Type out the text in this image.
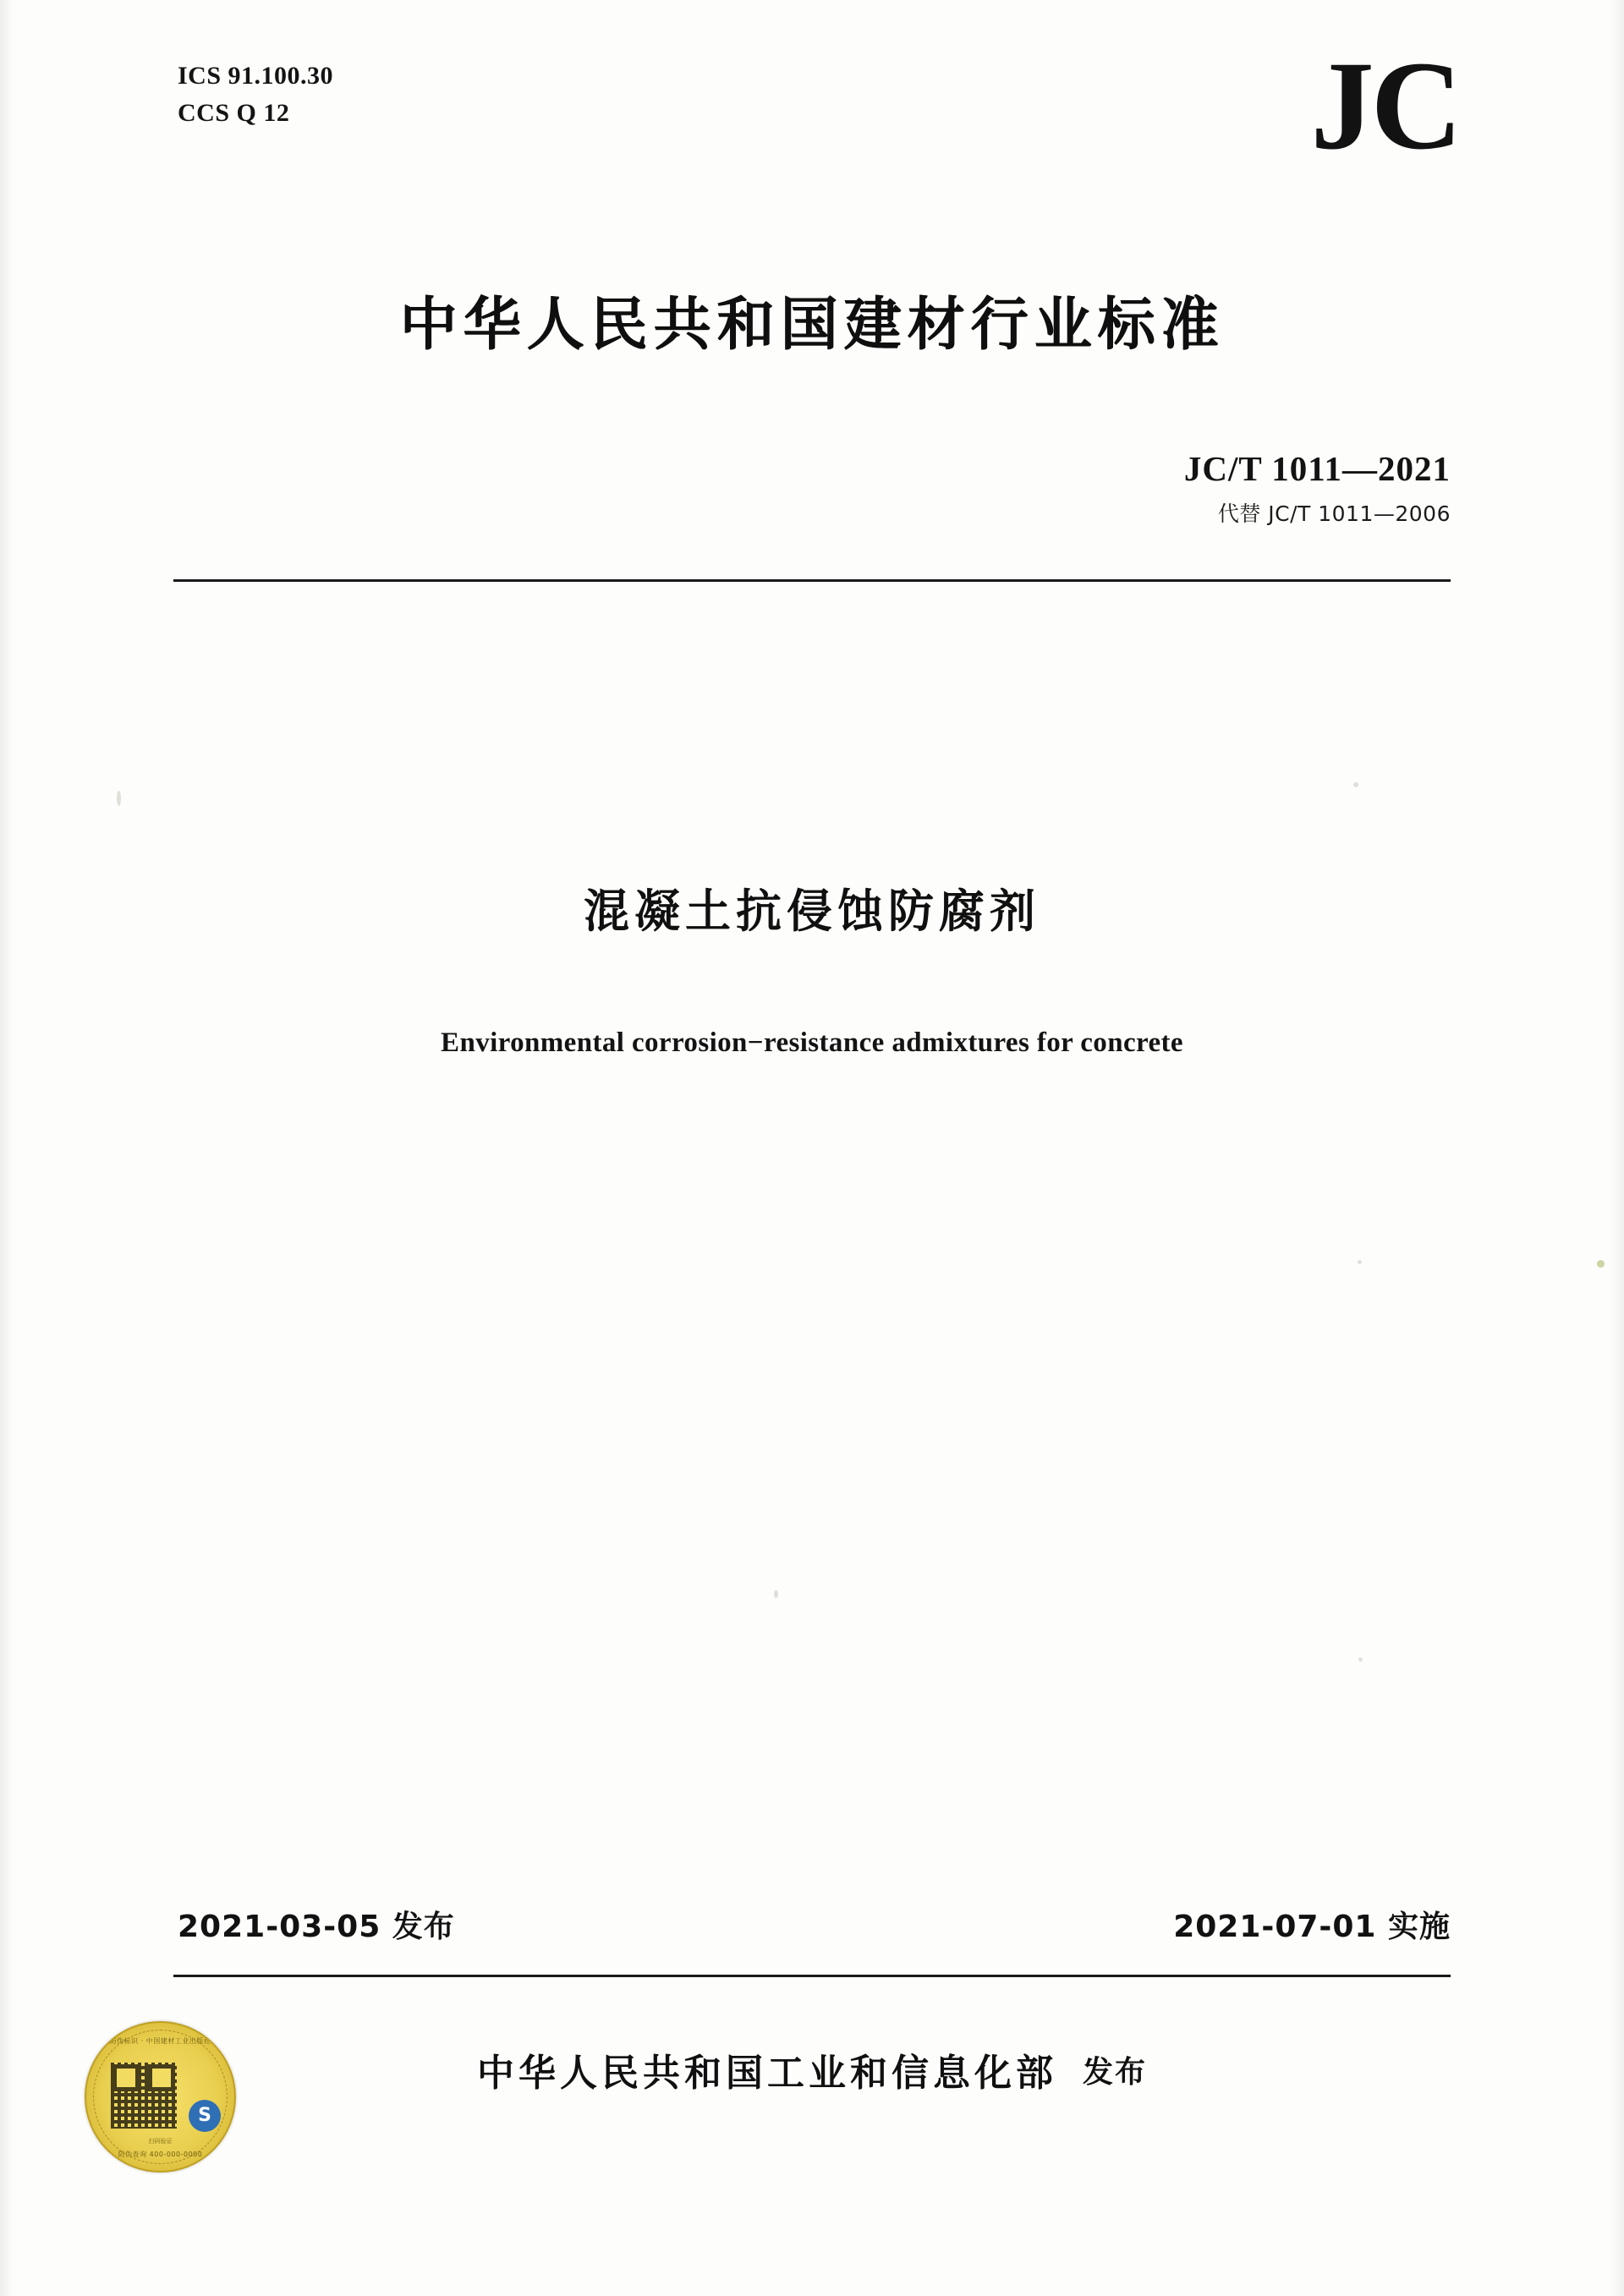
ICS 91.100.30
CCS Q 12	JC
中华人民共和国建材行业标准
JC/T 1011—2021
代替 JC/T 1011—2006
混凝土抗侵蚀防腐剂
Environmental corrosion−resistance admixtures for concrete
2021-03-05 发布	2021-07-01 实施
中华人民共和国工业和信息化部 发布
防伪标识 · 中国建材工业出版社
S
扫码验证
防伪查询 400-000-0000
